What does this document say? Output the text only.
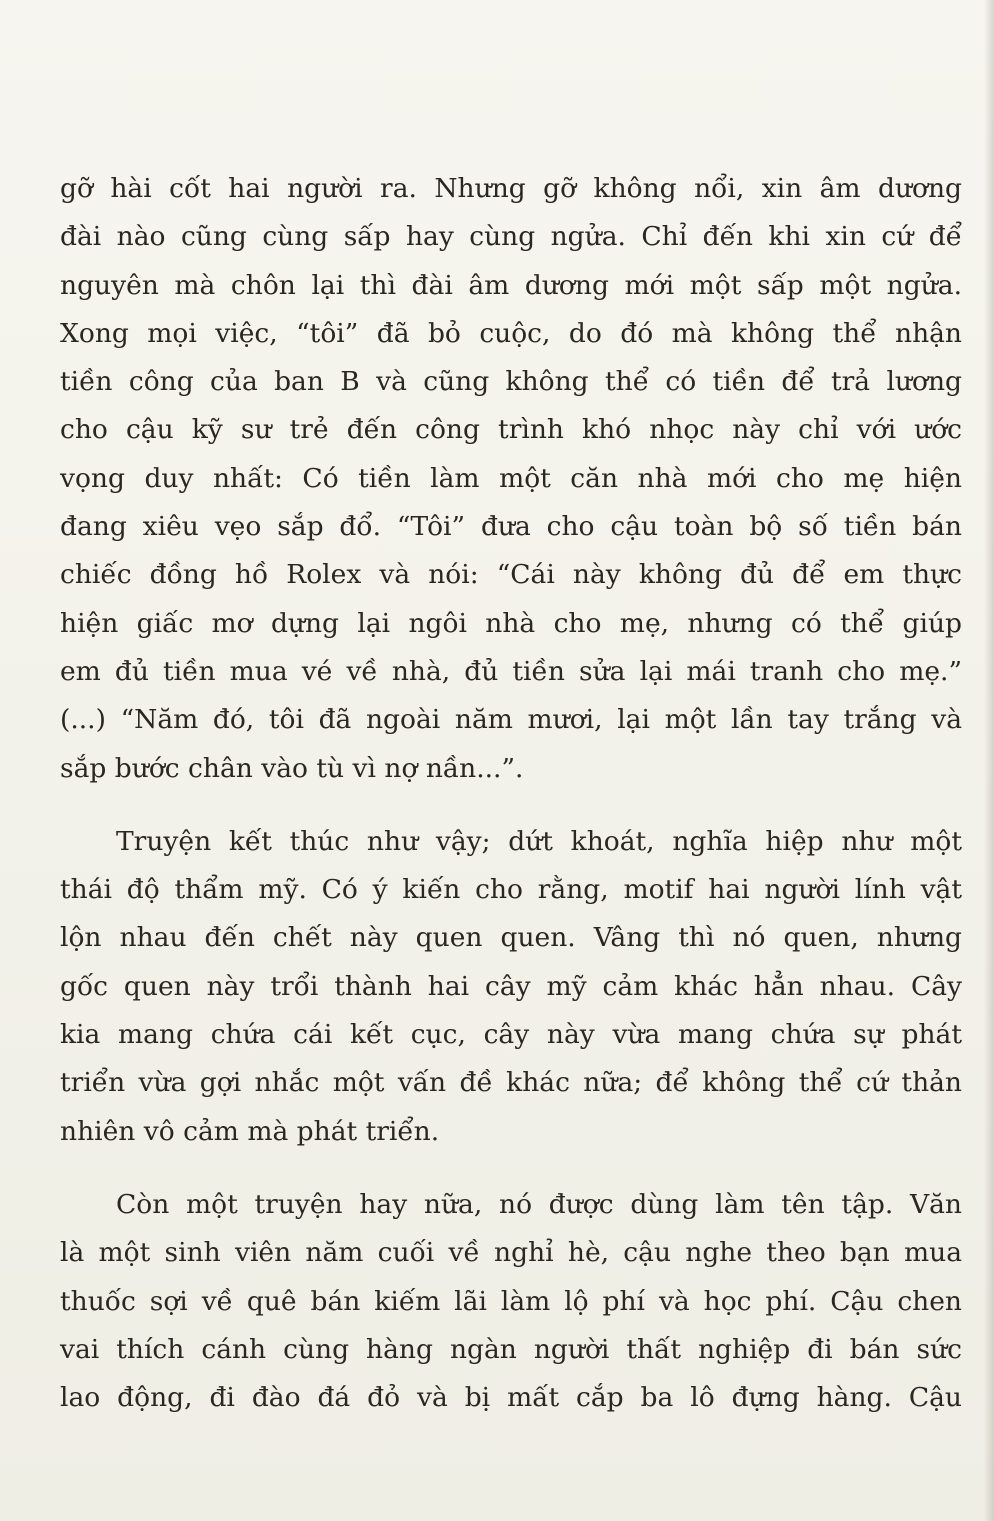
gỡ hài cốt hai người ra. Nhưng gỡ không nổi, xin âm dương
đài nào cũng cùng sấp hay cùng ngửa. Chỉ đến khi xin cứ để
nguyên mà chôn lại thì đài âm dương mới một sấp một ngửa.
Xong mọi việc, “tôi” đã bỏ cuộc, do đó mà không thể nhận
tiền công của ban B và cũng không thể có tiền để trả lương
cho cậu kỹ sư trẻ đến công trình khó nhọc này chỉ với ước
vọng duy nhất: Có tiền làm một căn nhà mới cho mẹ hiện
đang xiêu vẹo sắp đổ. “Tôi” đưa cho cậu toàn bộ số tiền bán
chiếc đồng hồ Rolex và nói: “Cái này không đủ để em thực
hiện giấc mơ dựng lại ngôi nhà cho mẹ, nhưng có thể giúp
em đủ tiền mua vé về nhà, đủ tiền sửa lại mái tranh cho mẹ.”
(...) “Năm đó, tôi đã ngoài năm mươi, lại một lần tay trắng và
sắp bước chân vào tù vì nợ nần...”.
Truyện kết thúc như vậy; dứt khoát, nghĩa hiệp như một
thái độ thẩm mỹ. Có ý kiến cho rằng, motif hai người lính vật
lộn nhau đến chết này quen quen. Vâng thì nó quen, nhưng
gốc quen này trổi thành hai cây mỹ cảm khác hẳn nhau. Cây
kia mang chứa cái kết cục, cây này vừa mang chứa sự phát
triển vừa gợi nhắc một vấn đề khác nữa; để không thể cứ thản
nhiên vô cảm mà phát triển.
Còn một truyện hay nữa, nó được dùng làm tên tập. Văn
là một sinh viên năm cuối về nghỉ hè, cậu nghe theo bạn mua
thuốc sợi về quê bán kiếm lãi làm lộ phí và học phí. Cậu chen
vai thích cánh cùng hàng ngàn người thất nghiệp đi bán sức
lao động, đi đào đá đỏ và bị mất cắp ba lô đựng hàng. Cậu
